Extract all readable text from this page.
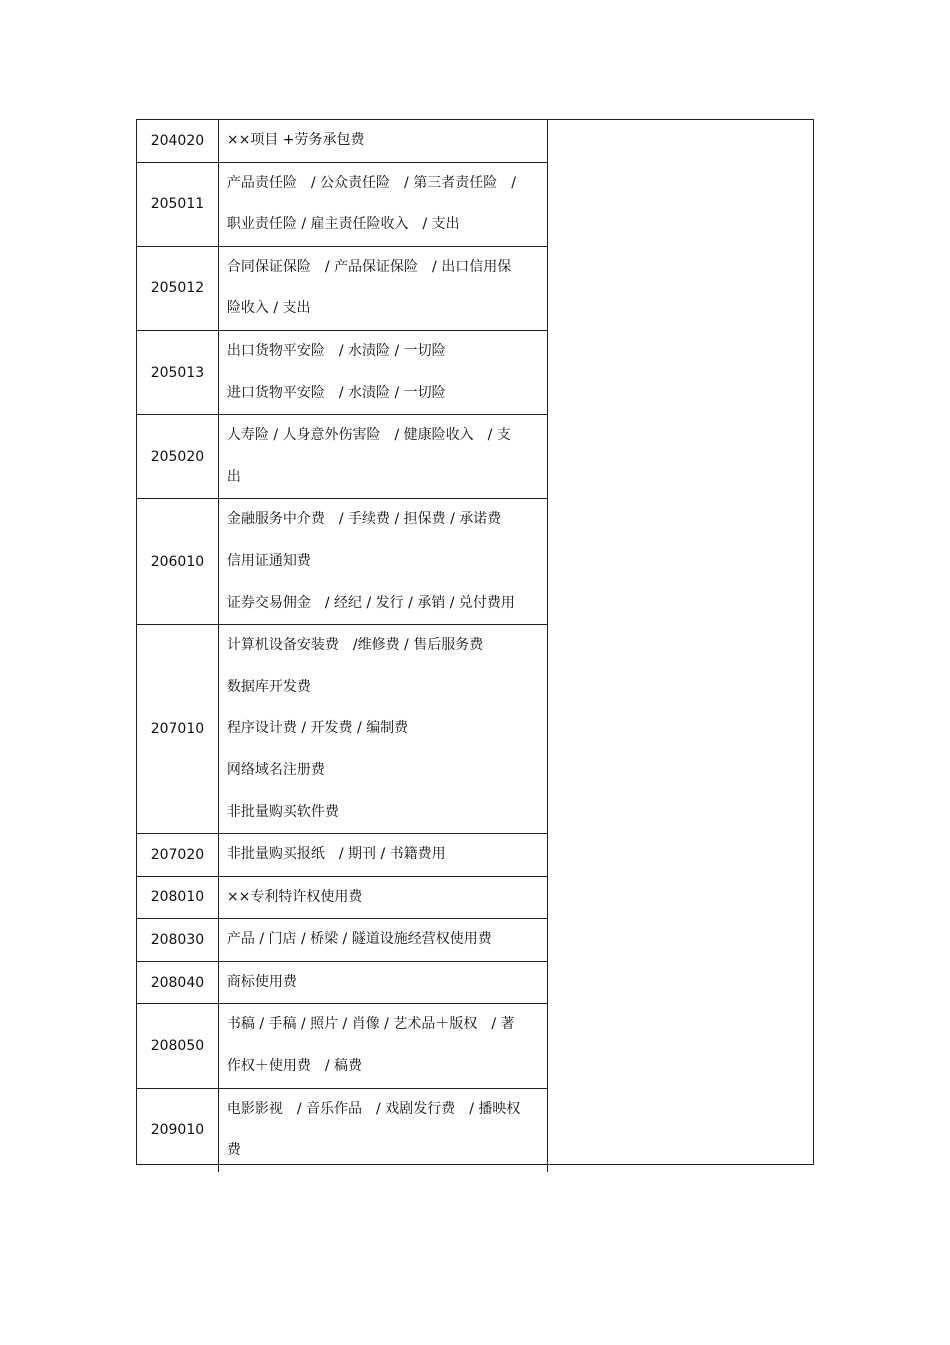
204020	××项目 +劳务承包费

205011	产品责任险　/ 公众责任险　/ 第三者责任险　/
职业责任险 / 雇主责任险收入　/ 支出

205012	合同保证保险　/ 产品保证保险　/ 出口信用保
险收入 / 支出

205013	出口货物平安险　/ 水渍险 / 一切险
进口货物平安险　/ 水渍险 / 一切险

205020	人寿险 / 人身意外伤害险　/ 健康险收入　/ 支
出

206010	金融服务中介费　/ 手续费 / 担保费 / 承诺费
信用证通知费
证券交易佣金　/ 经纪 / 发行 / 承销 / 兑付费用

207010	计算机设备安装费　/维修费 / 售后服务费
数据库开发费
程序设计费 / 开发费 / 编制费
网络域名注册费
非批量购买软件费

207020	非批量购买报纸　/ 期刊 / 书籍费用

208010	××专利特许权使用费

208030	产品 / 门店 / 桥梁 / 隧道设施经营权使用费

208040	商标使用费

208050	书稿 / 手稿 / 照片 / 肖像 / 艺术品＋版权　/ 著
作权＋使用费　/ 稿费

209010	电影影视　/ 音乐作品　/ 戏剧发行费　/ 播映权
费
